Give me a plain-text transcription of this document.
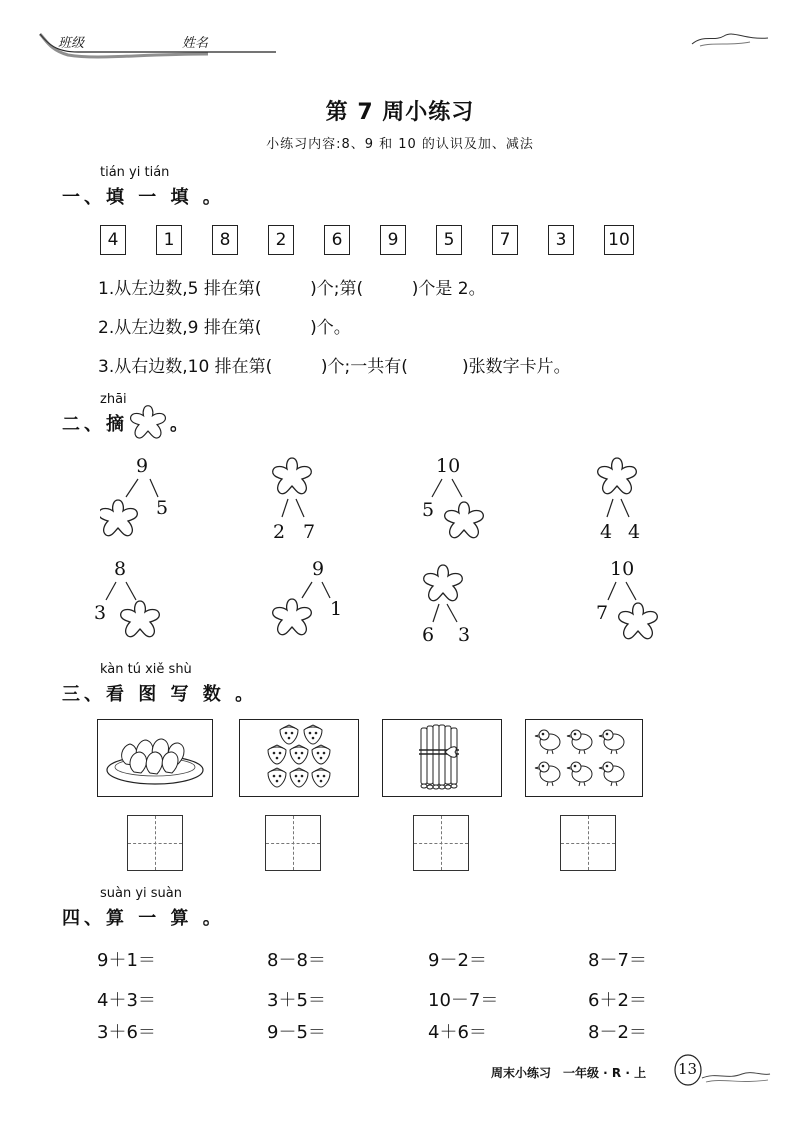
班级	姓名
第 7 周小练习
小练习内容:8、9 和 10 的认识及加、减法
tián yi tián
一、填 一 填 。
4	1	8	2	6	9	5	7	3	10
1.从左边数,5 排在第(         )个;第(         )个是 2。
2.从左边数,9 排在第(         )个。
3.从右边数,10 排在第(         )个;一共有(          )张数字卡片。
zhāi
二、摘 。
9
5
2 7
10
5
4 4
8
3
9
1
6 3
10
7
kàn tú xiě shù
三、看 图 写 数 。
suàn yi suàn
四、算 一 算 。
9＋1＝	8－8＝	9－2＝	8－7＝
4＋3＝	3＋5＝	10－7＝	6＋2＝
3＋6＝	9－5＝	4＋6＝	8－2＝
周末小练习　一年级 · R · 上 13
